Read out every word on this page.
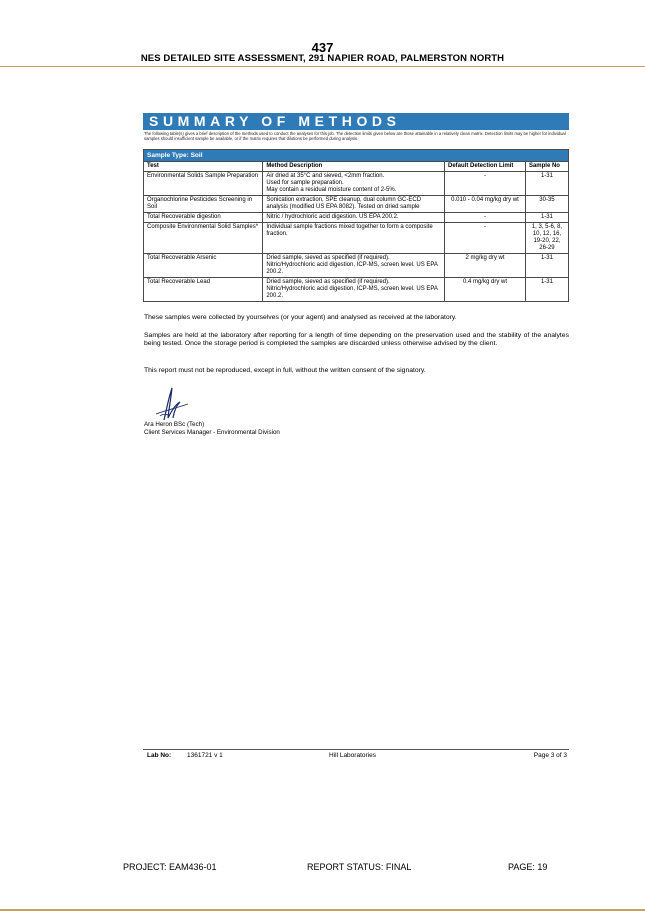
437
NES DETAILED SITE ASSESSMENT, 291 NAPIER ROAD, PALMERSTON NORTH
SUMMARY OF METHODS
The following table(s) gives a brief description of the methods used to conduct the analyses for this job. The detection limits given below are those attainable in a relatively clean matrix. Detection limits may be higher for individual samples should insufficient sample be available, or if the matrix requires that dilutions be performed during analysis.
Sample Type: Soil			
Test	Method Description	Default Detection Limit	Sample No
Environmental Solids Sample Preparation	Air dried at 35°C and sieved, <2mm fraction.
Used for sample preparation.
May contain a residual moisture content of 2-5%.	-	1-31
Organochlorine Pesticides Screening in Soil	Sonication extraction, SPE cleanup, dual column GC-ECD analysis (modified US EPA 8082). Tested on dried sample	0.010 - 0.04 mg/kg dry wt	30-35
Total Recoverable digestion	Nitric / hydrochloric acid digestion. US EPA 200.2.	-	1-31
Composite Environmental Solid Samples*	Individual sample fractions mixed together to form a composite fraction.	-	1, 3, 5-6, 8, 10, 12, 16, 19-20, 22, 26-29
Total Recoverable Arsenic	Dried sample, sieved as specified (if required).
Nitric/Hydrochloric acid digestion, ICP-MS, screen level. US EPA 200.2.	2 mg/kg dry wt	1-31
Total Recoverable Lead	Dried sample, sieved as specified (if required).
Nitric/Hydrochloric acid digestion, ICP-MS, screen level. US EPA 200.2.	0.4 mg/kg dry wt	1-31
These samples were collected by yourselves (or your agent) and analysed as received at the laboratory.
Samples are held at the laboratory after reporting for a length of time depending on the preservation used and the stability of the analytes being tested. Once the storage period is completed the samples are discarded unless otherwise advised by the client.
This report must not be reproduced, except in full, without the written consent of the signatory.
Ara Heron BSc (Tech)
Client Services Manager - Environmental Division
Lab No: 1361721 v 1	Hill Laboratories	Page 3 of 3
PROJECT: EAM436-01	REPORT STATUS: FINAL	PAGE: 19
